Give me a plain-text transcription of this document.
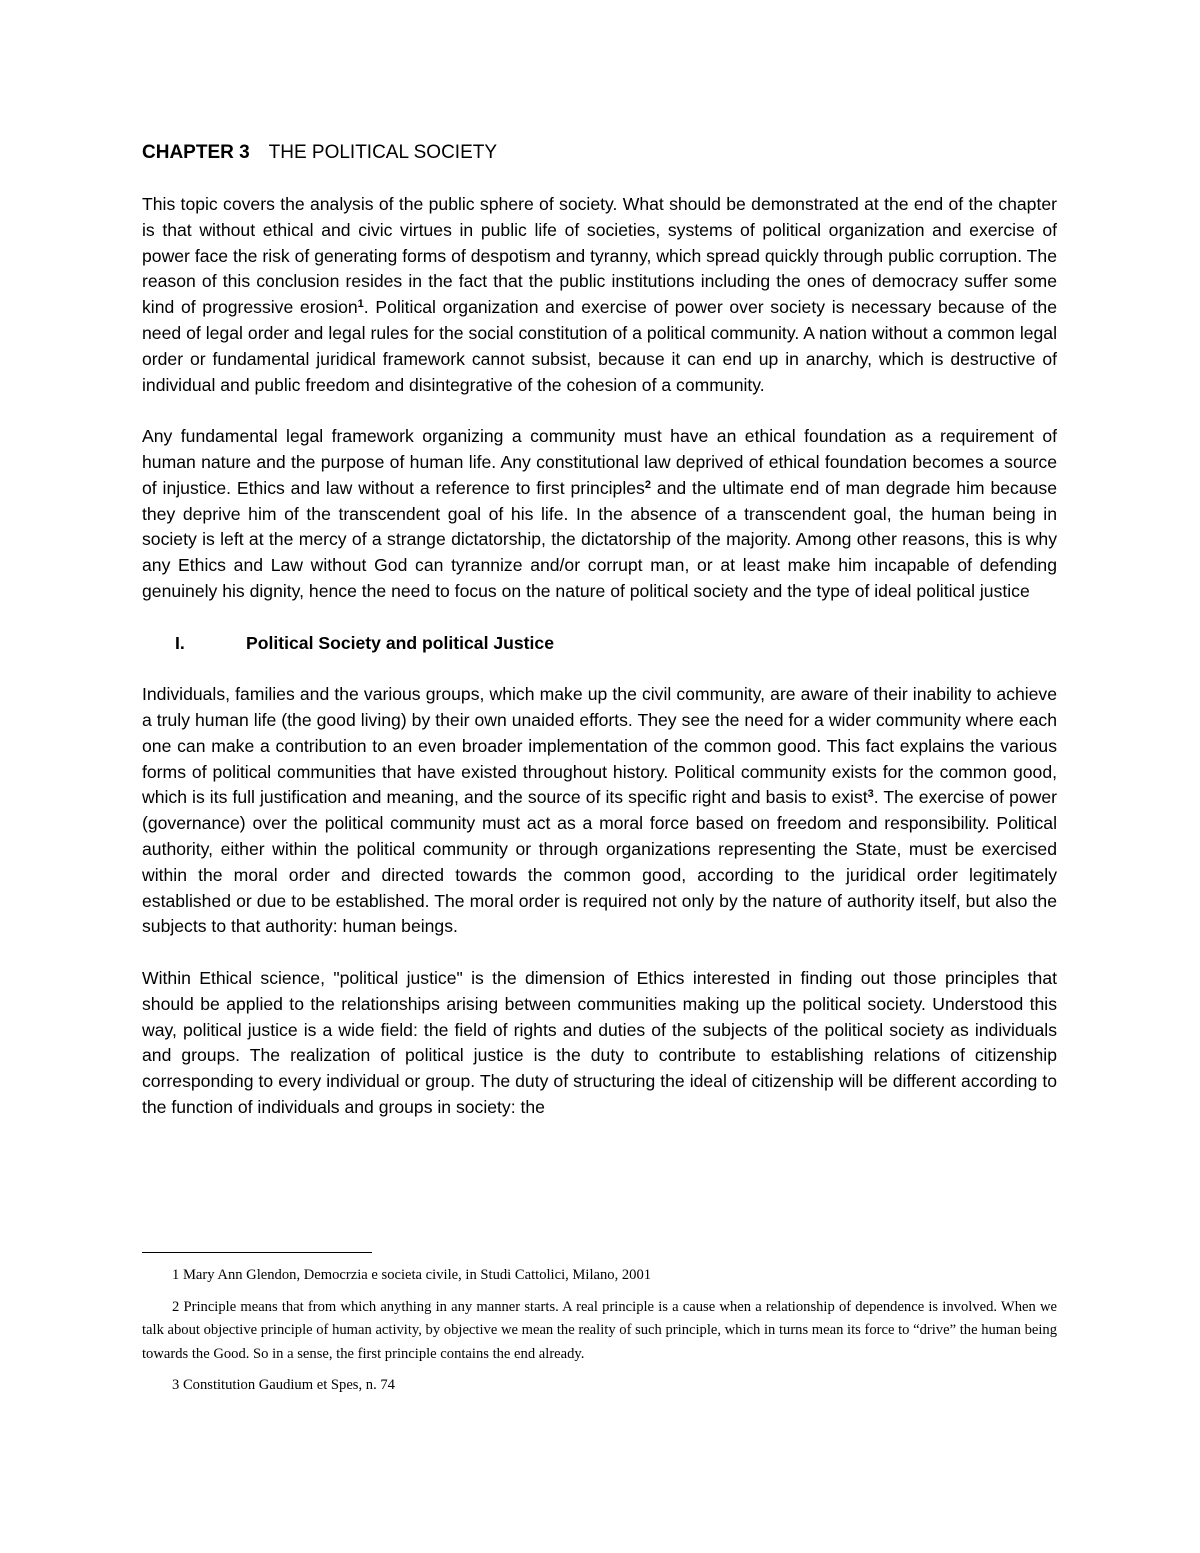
CHAPTER 3 THE POLITICAL SOCIETY

This topic covers the analysis of the public sphere of society. What should be demonstrated at the end of the chapter is that without ethical and civic virtues in public life of societies, systems of political organization and exercise of power face the risk of generating forms of despotism and tyranny, which spread quickly through public corruption. The reason of this conclusion resides in the fact that the public institutions including the ones of democracy suffer some kind of progressive erosion$^1$. Political organization and exercise of power over society is necessary because of the need of legal order and legal rules for the social constitution of a political community. A nation without a common legal order or fundamental juridical framework cannot subsist, because it can end up in anarchy, which is destructive of individual and public freedom and disintegrative of the cohesion of a community.

Any fundamental legal framework organizing a community must have an ethical foundation as a requirement of human nature and the purpose of human life. Any constitutional law deprived of ethical foundation becomes a source of injustice. Ethics and law without a reference to first principles$^2$ and the ultimate end of man degrade him because they deprive him of the transcendent goal of his life. In the absence of a transcendent goal, the human being in society is left at the mercy of a strange dictatorship, the dictatorship of the majority. Among other reasons, this is why any Ethics and Law without God can tyrannize and/or corrupt man, or at least make him incapable of defending genuinely his dignity, hence the need to focus on the nature of political society and the type of ideal political justice

I.	Political Society and political Justice

Individuals, families and the various groups, which make up the civil community, are aware of their inability to achieve a truly human life (the good living) by their own unaided efforts. They see the need for a wider community where each one can make a contribution to an even broader implementation of the common good. This fact explains the various forms of political communities that have existed throughout history. Political community exists for the common good, which is its full justification and meaning, and the source of its specific right and basis to exist$^3$. The exercise of power (governance) over the political community must act as a moral force based on freedom and responsibility. Political authority, either within the political community or through organizations representing the State, must be exercised within the moral order and directed towards the common good, according to the juridical order legitimately established or due to be established. The moral order is required not only by the nature of authority itself, but also the subjects to that authority: human beings.

Within Ethical science, "political justice" is the dimension of Ethics interested in finding out those principles that should be applied to the relationships arising between communities making up the political society. Understood this way, political justice is a wide field: the field of rights and duties of the subjects of the political society as individuals and groups. The realization of political justice is the duty to contribute to establishing relations of citizenship corresponding to every individual or group. The duty of structuring the ideal of citizenship will be different according to the function of individuals and groups in society: the

1 Mary Ann Glendon, Democrzia e societa civile, in Studi Cattolici, Milano, 2001

2 Principle means that from which anything in any manner starts. A real principle is a cause when a relationship of dependence is involved. When we talk about objective principle of human activity, by objective we mean the reality of such principle, which in turns mean its force to “drive” the human being towards the Good. So in a sense, the first principle contains the end already.

3 Constitution Gaudium et Spes, n. 74
